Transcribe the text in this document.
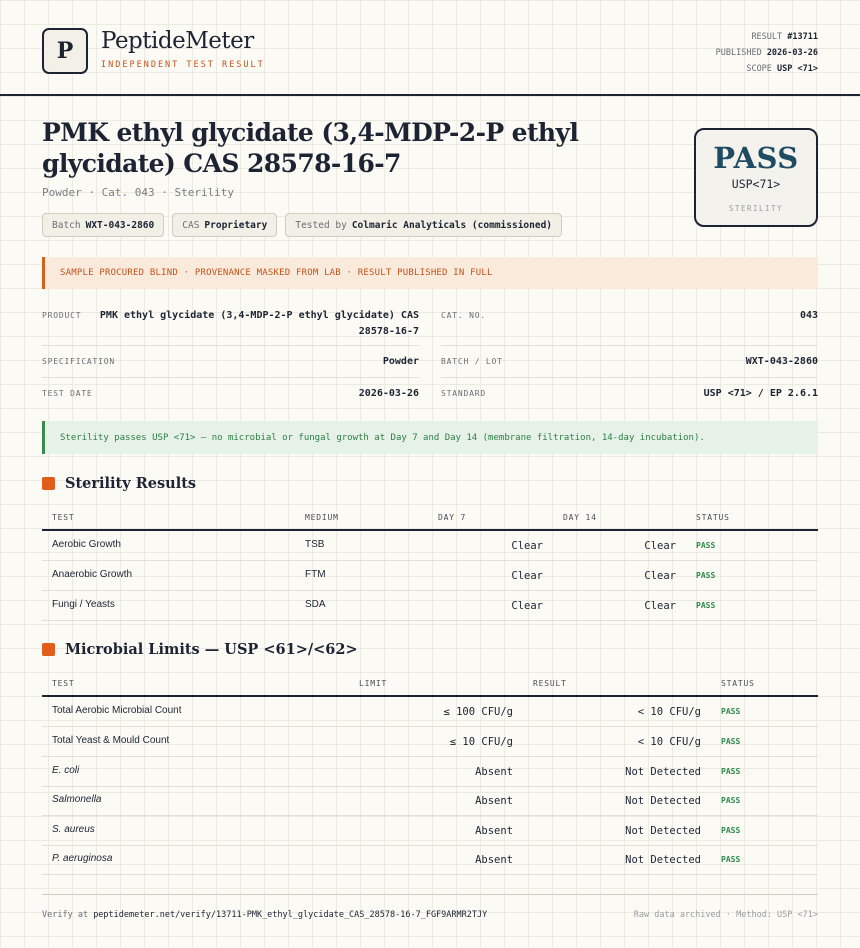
P	PeptideMeter
INDEPENDENT TEST RESULT
RESULT #13711
PUBLISHED 2026-03-26
SCOPE USP <71>
PMK ethyl glycidate (3,4-MDP-2-P ethyl glycidate) CAS 28578-16-7
Powder · Cat. 043 · Sterility
Batch WXT-043-2860	CAS Proprietary	Tested by Colmaric Analyticals (commissioned)
PASS
USP<71>
STERILITY
SAMPLE PROCURED BLIND · PROVENANCE MASKED FROM LAB · RESULT PUBLISHED IN FULL
PRODUCT	PMK ethyl glycidate (3,4-MDP-2-P ethyl glycidate) CAS 28578-16-7
CAT. NO.	043
SPECIFICATION	Powder	BATCH / LOT	WXT-043-2860
TEST DATE	2026-03-26	STANDARD	USP <71> / EP 2.6.1
Sterility passes USP <71> — no microbial or fungal growth at Day 7 and Day 14 (membrane filtration, 14-day incubation).
Sterility Results
TEST	MEDIUM	DAY 7	DAY 14	STATUS
Aerobic Growth	TSB	Clear	Clear	PASS
Anaerobic Growth	FTM	Clear	Clear	PASS
Fungi / Yeasts	SDA	Clear	Clear	PASS
Microbial Limits — USP <61>/<62>
TEST	LIMIT	RESULT	STATUS
Total Aerobic Microbial Count	≤ 100 CFU/g	< 10 CFU/g	PASS
Total Yeast & Mould Count	≤ 10 CFU/g	< 10 CFU/g	PASS
E. coli	Absent	Not Detected	PASS
Salmonella	Absent	Not Detected	PASS
S. aureus	Absent	Not Detected	PASS
P. aeruginosa	Absent	Not Detected	PASS
Verify at peptidemeter.net/verify/13711-PMK_ethyl_glycidate_CAS_28578-16-7_FGF9ARMR2TJY	Raw data archived · Method: USP <71>
